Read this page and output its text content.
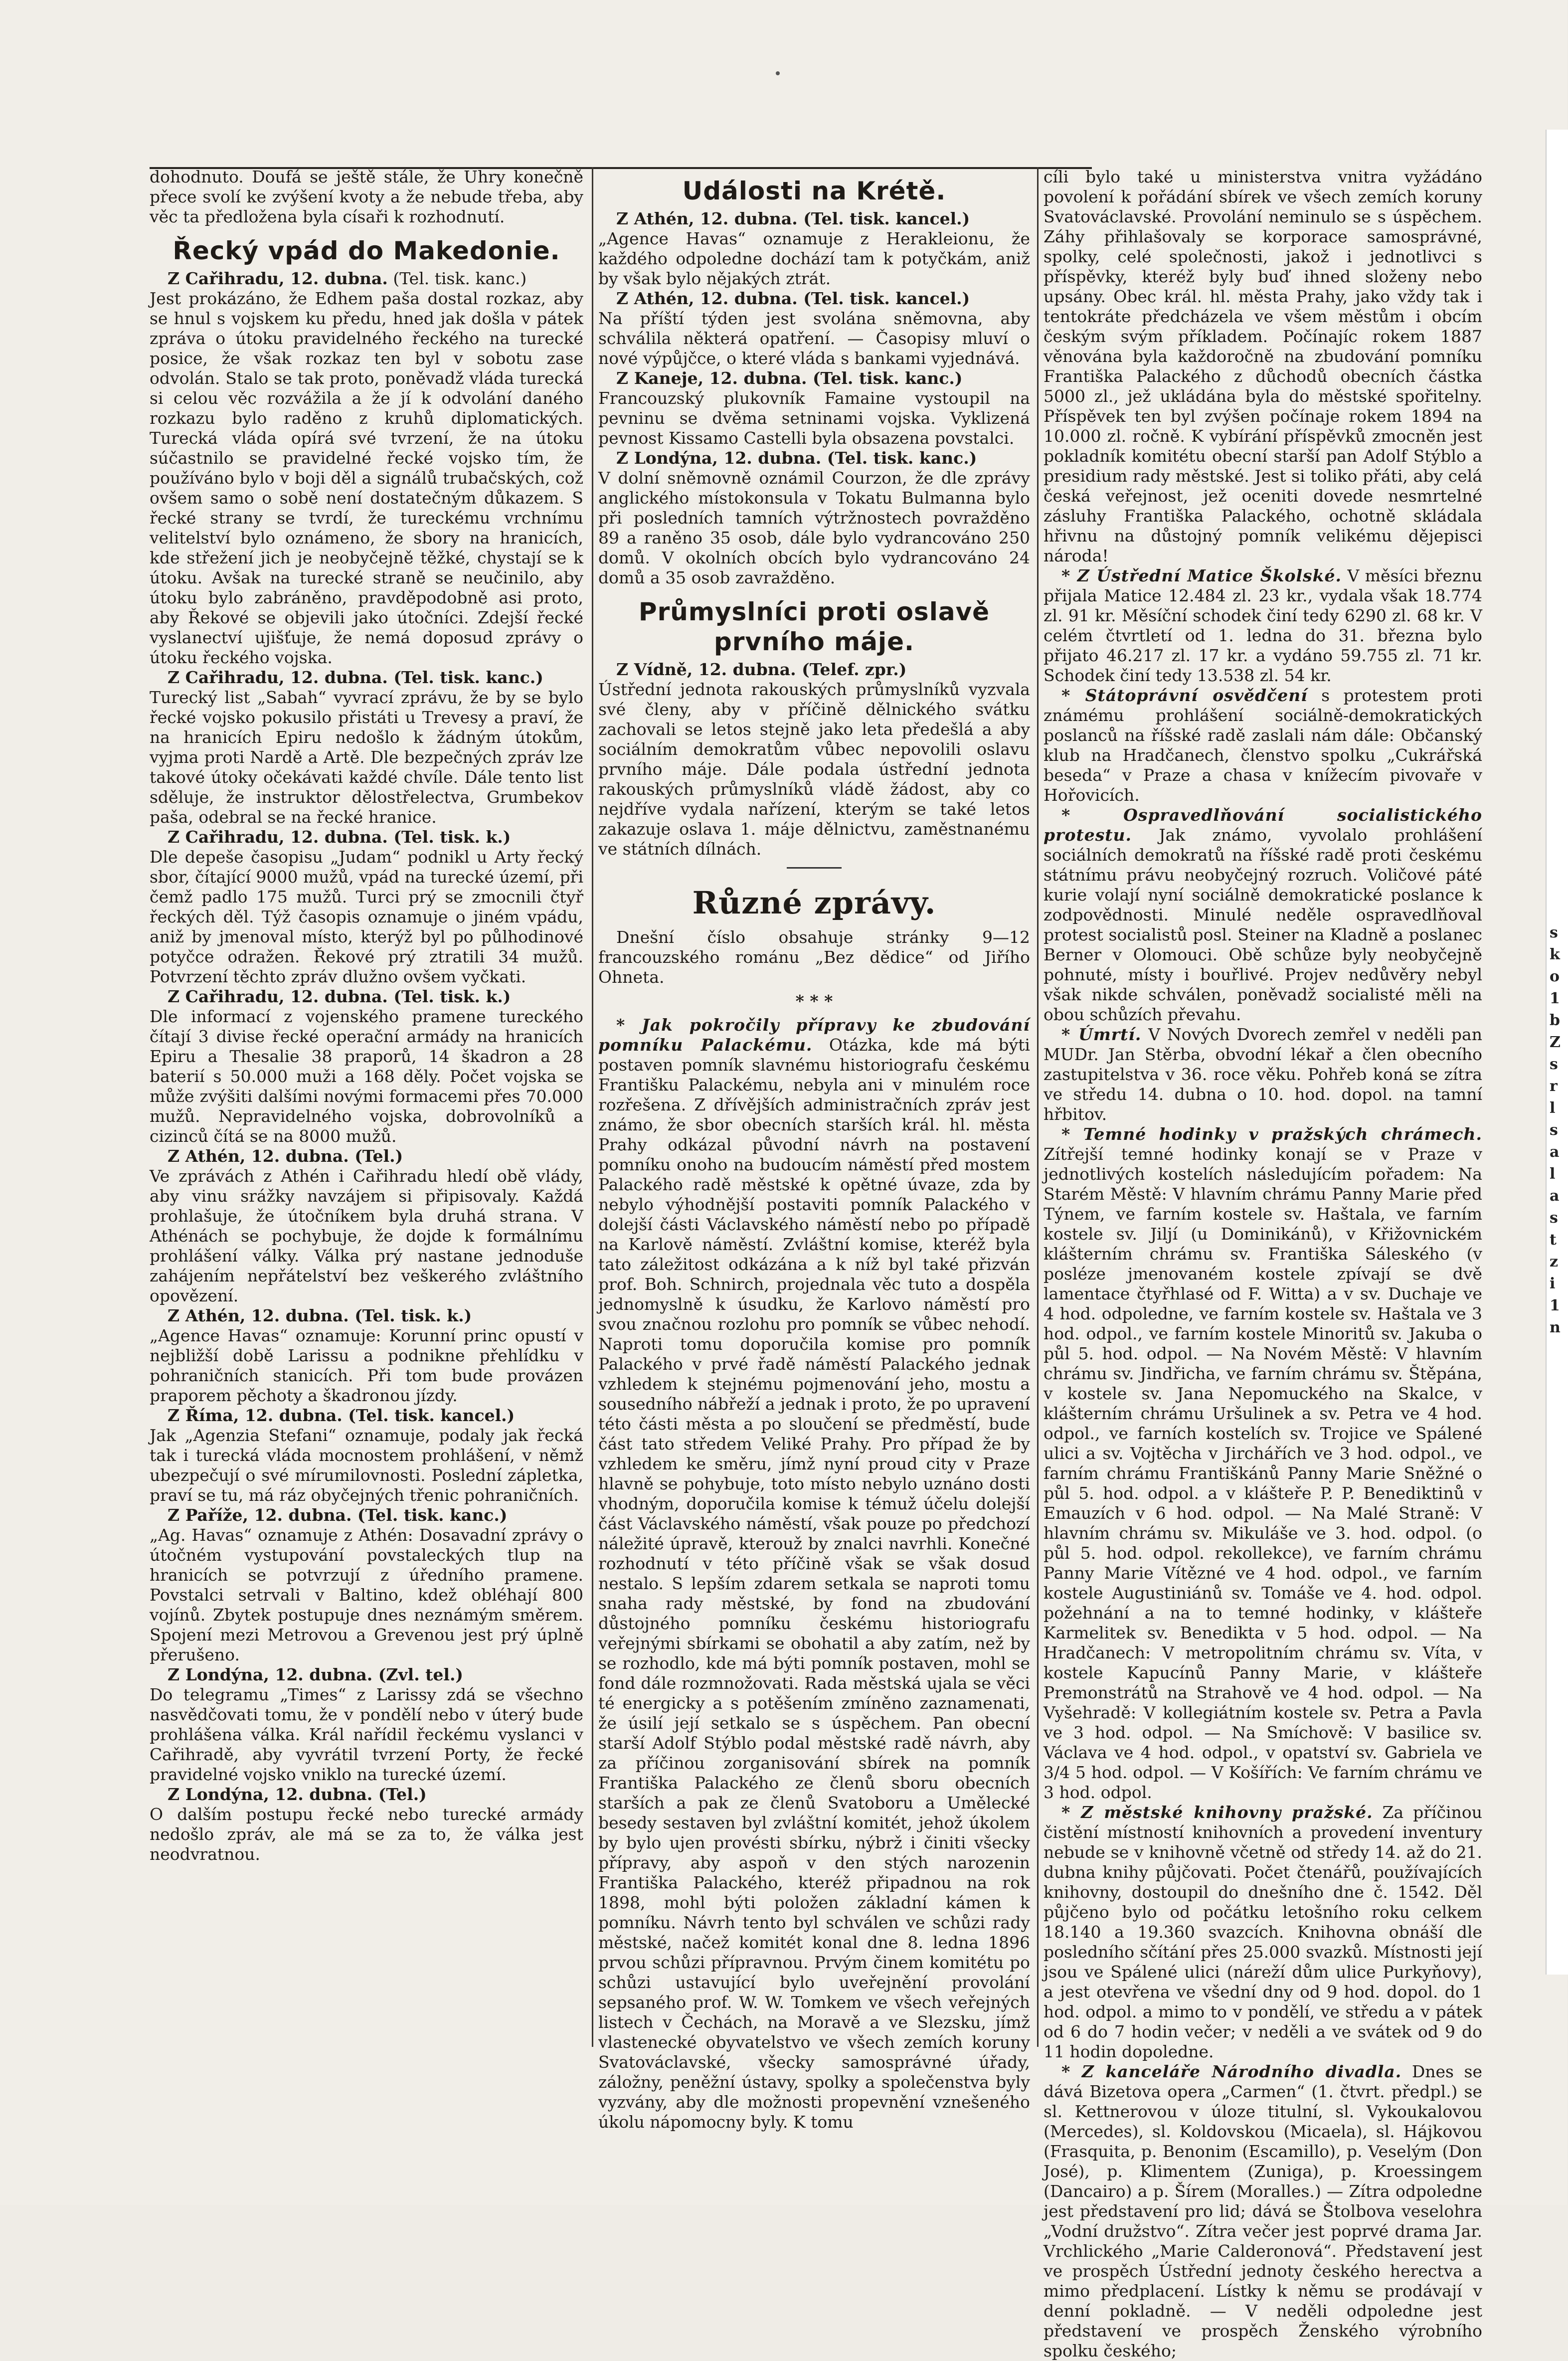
dohodnuto. Doufá se ještě stále, že Uhry konečně přece svolí ke zvýšení kvoty a že nebude třeba, aby věc ta předložena byla císaři k rozhodnutí.

Řecký vpád do Makedonie.

Z Cařihradu, 12. dubna. (Tel. tisk. kanc.)

Jest prokázáno, že Edhem paša dostal rozkaz, aby se hnul s vojskem ku předu, hned jak došla v pátek zpráva o útoku pravidelného řeckého na turecké posice, že však rozkaz ten byl v sobotu zase odvolán. Stalo se tak proto, poněvadž vláda turecká si celou věc rozvážila a že jí k odvolání daného rozkazu bylo raděno z kruhů diplomatických. Turecká vláda opírá své tvrzení, že na útoku súčastnilo se pravidelné řecké vojsko tím, že používáno bylo v boji děl a signálů trubačských, což ovšem samo o sobě není dostatečným důkazem. S řecké strany se tvrdí, že tureckému vrchnímu velitelství bylo oznámeno, že sbory na hranicích, kde střežení jich je neobyčejně těžké, chystají se k útoku. Avšak na turecké straně se neučinilo, aby útoku bylo zabráněno, pravděpodobně asi proto, aby Řekové se objevili jako útočníci. Zdejší řecké vyslanectví ujišťuje, že nemá doposud zprávy o útoku řeckého vojska.

Z Cařihradu, 12. dubna. (Tel. tisk. kanc.)

Turecký list „Sabah“ vyvrací zprávu, že by se bylo řecké vojsko pokusilo přistáti u Trevesy a praví, že na hranicích Epiru nedošlo k žádným útokům, vyjma proti Nardě a Artě. Dle bezpečných zpráv lze takové útoky očekávati každé chvíle. Dále tento list sděluje, že instruktor dělostřelectva, Grumbekov paša, odebral se na řecké hranice.

Z Cařihradu, 12. dubna. (Tel. tisk. k.)

Dle depeše časopisu „Judam“ podnikl u Arty řecký sbor, čítající 9000 mužů, vpád na turecké území, při čemž padlo 175 mužů. Turci prý se zmocnili čtyř řeckých děl. Týž časopis oznamuje o jiném vpádu, aniž by jmenoval místo, kterýž byl po půlhodinové potyčce odražen. Řekové prý ztratili 34 mužů. Potvrzení těchto zpráv dlužno ovšem vyčkati.

Z Cařihradu, 12. dubna. (Tel. tisk. k.)

Dle informací z vojenského pramene tureckého čítají 3 divise řecké operační armády na hranicích Epiru a Thesalie 38 praporů, 14 škadron a 28 baterií s 50.000 muži a 168 děly. Počet vojska se může zvýšiti dalšími novými formacemi přes 70.000 mužů. Nepravidelného vojska, dobrovolníků a cizinců čítá se na 8000 mužů.

Z Athén, 12. dubna. (Tel.)

Ve zprávách z Athén i Cařihradu hledí obě vlády, aby vinu srážky navzájem si připisovaly. Každá prohlašuje, že útočníkem byla druhá strana. V Athénách se pochybuje, že dojde k formálnímu prohlášení války. Válka prý nastane jednoduše zahájením nepřátelství bez veškerého zvláštního opovězení.

Z Athén, 12. dubna. (Tel. tisk. k.)

„Agence Havas“ oznamuje: Korunní princ opustí v nejbližší době Larissu a podnikne přehlídku v pohraničních stanicích. Při tom bude provázen praporem pěchoty a škadronou jízdy.

Z Říma, 12. dubna. (Tel. tisk. kancel.)

Jak „Agenzia Stefani“ oznamuje, podaly jak řecká tak i turecká vláda mocnostem prohlášení, v němž ubezpečují o své mírumilovnosti. Poslední zápletka, praví se tu, má ráz obyčejných třenic pohraničních.

Z Paříže, 12. dubna. (Tel. tisk. kanc.)

„Ag. Havas“ oznamuje z Athén: Dosavadní zprávy o útočném vystupování povstaleckých tlup na hranicích se potvrzují z úředního pramene. Povstalci setrvali v Baltino, kdež obléhají 800 vojínů. Zbytek postupuje dnes neznámým směrem. Spojení mezi Metrovou a Grevenou jest prý úplně přerušeno.

Z Londýna, 12. dubna. (Zvl. tel.)

Do telegramu „Times“ z Larissy zdá se všechno nasvědčovati tomu, že v pondělí nebo v úterý bude prohlášena válka. Král nařídil řeckému vyslanci v Cařihradě, aby vyvrátil tvrzení Porty, že řecké pravidelné vojsko vniklo na turecké území.

Z Londýna, 12. dubna. (Tel.)

O dalším postupu řecké nebo turecké armády nedošlo zpráv, ale má se za to, že válka jest neodvratnou.

Události na Krétě.

Z Athén, 12. dubna. (Tel. tisk. kancel.)

„Agence Havas“ oznamuje z Herakleionu, že každého odpoledne dochází tam k potyčkám, aniž by však bylo nějakých ztrát.

Z Athén, 12. dubna. (Tel. tisk. kancel.)

Na příští týden jest svolána sněmovna, aby schválila některá opatření. — Časopisy mluví o nové výpůjčce, o které vláda s bankami vyjednává.

Z Kaneje, 12. dubna. (Tel. tisk. kanc.)

Francouzský plukovník Famaine vystoupil na pevninu se dvěma setninami vojska. Vyklizená pevnost Kissamo Castelli byla obsazena povstalci.

Z Londýna, 12. dubna. (Tel. tisk. kanc.)

V dolní sněmovně oznámil Courzon, že dle zprávy anglického místokonsula v Tokatu Bulmanna bylo při posledních tamních výtržnostech povražděno 89 a raněno 35 osob, dále bylo vydrancováno 250 domů. V okolních obcích bylo vydrancováno 24 domů a 35 osob zavražděno.

Průmyslníci proti oslavě prvního máje.

Z Vídně, 12. dubna. (Telef. zpr.)

Ústřední jednota rakouských průmyslníků vyzvala své členy, aby v příčině dělnického svátku zachovali se letos stejně jako leta předešlá a aby sociálním demokratům vůbec nepovolili oslavu prvního máje. Dále podala ústřední jednota rakouských průmyslníků vládě žádost, aby co nejdříve vydala nařízení, kterým se také letos zakazuje oslava 1. máje dělnictvu, zaměstnanému ve státních dílnách.

Různé zprávy.

Dnešní číslo obsahuje stránky 9—12 francouzského románu „Bez dědice“ od Jiřího Ohneta.

* * *

* Jak pokročily přípravy ke zbudování pomníku Palackému. Otázka, kde má býti postaven pomník slavnému historiografu českému Františku Palackému, nebyla ani v minulém roce rozřešena. Z dřívějších administračních zpráv jest známo, že sbor obecních starších král. hl. města Prahy odkázal původní návrh na postavení pomníku onoho na budoucím náměstí před mostem Palackého radě městské k opětné úvaze, zda by nebylo výhodnější postaviti pomník Palackého v dolejší části Václavského náměstí nebo po případě na Karlově náměstí. Zvláštní komise, kteréž byla tato záležitost odkázána a k níž byl také přizván prof. Boh. Schnirch, projednala věc tuto a dospěla jednomyslně k úsudku, že Karlovo náměstí pro svou značnou rozlohu pro pomník se vůbec nehodí. Naproti tomu doporučila komise pro pomník Palackého v prvé řadě náměstí Palackého jednak vzhledem k stejnému pojmenování jeho, mostu a sousedního nábřeží a jednak i proto, že po upravení této části města a po sloučení se předměstí, bude část tato středem Veliké Prahy. Pro případ že by vzhledem ke směru, jímž nyní proud city v Praze hlavně se pohybuje, toto místo nebylo uznáno dosti vhodným, doporučila komise k témuž účelu dolejší část Václavského náměstí, však pouze po předchozí náležité úpravě, kterouž by znalci navrhli. Konečné rozhodnutí v této příčině však se však dosud nestalo. S lepším zdarem setkala se naproti tomu snaha rady městské, by fond na zbudování důstojného pomníku českému historiografu veřejnými sbírkami se obohatil a aby zatím, než by se rozhodlo, kde má býti pomník postaven, mohl se fond dále rozmnožovati. Rada městská ujala se věci té energicky a s potěšením zmíněno zaznamenati, že úsilí její setkalo se s úspěchem. Pan obecní starší Adolf Stýblo podal městské radě návrh, aby za příčinou zorganisování sbírek na pomník Františka Palackého ze členů sboru obecních starších a pak ze členů Svatoboru a Umělecké besedy sestaven byl zvláštní komitét, jehož úkolem by bylo ujen provésti sbírku, nýbrž i činiti všecky přípravy, aby aspoň v den stých narozenin Františka Palackého, kteréž připadnou na rok 1898, mohl býti položen základní kámen k pomníku. Návrh tento byl schválen ve schůzi rady městské, načež komitét konal dne 8. ledna 1896 prvou schůzi přípravnou. Prvým činem komitétu po schůzi ustavující bylo uveřejnění provolání sepsaného prof. W. W. Tomkem ve všech veřejných listech v Čechách, na Moravě a ve Slezsku, jímž vlastenecké obyvatelstvo ve všech zemích koruny Svatováclavské, všecky samosprávné úřady, záložny, peněžní ústavy, spolky a společenstva byly vyzvány, aby dle možnosti propevnění vznešeného úkolu nápomocny byly. K tomu

cíli bylo také u ministerstva vnitra vyžádáno povolení k pořádání sbírek ve všech zemích koruny Svatováclavské. Provolání neminulo se s úspěchem. Záhy přihlašovaly se korporace samosprávné, spolky, celé společnosti, jakož i jednotlivci s příspěvky, kteréž byly buď ihned složeny nebo upsány. Obec král. hl. města Prahy, jako vždy tak i tentokráte předcházela ve všem městům i obcím českým svým příkladem. Počínajíc rokem 1887 věnována byla každoročně na zbudování pomníku Františka Palackého z důchodů obecních částka 5000 zl., jež ukládána byla do městské spořitelny. Příspěvek ten byl zvýšen počínaje rokem 1894 na 10.000 zl. ročně. K vybírání příspěvků zmocněn jest pokladník komitétu obecní starší pan Adolf Stýblo a presidium rady městské. Jest si toliko přáti, aby celá česká veřejnost, jež oceniti dovede nesmrtelné zásluhy Františka Palackého, ochotně skládala hřivnu na důstojný pomník velikému dějepisci národa!

* Z Ústřední Matice Školské. V měsíci březnu přijala Matice 12.484 zl. 23 kr., vydala však 18.774 zl. 91 kr. Měsíční schodek činí tedy 6290 zl. 68 kr. V celém čtvrtletí od 1. ledna do 31. března bylo přijato 46.217 zl. 17 kr. a vydáno 59.755 zl. 71 kr. Schodek činí tedy 13.538 zl. 54 kr.

* Státoprávní osvědčení s protestem proti známému prohlášení sociálně-demokratických poslanců na říšské radě zaslali nám dále: Občanský klub na Hradčanech, členstvo spolku „Cukrářská beseda“ v Praze a chasa v knížecím pivovaře v Hořovicích.

* Ospravedlňování socialistického protestu. Jak známo, vyvolalo prohlášení sociálních demokratů na říšské radě proti českému státnímu právu neobyčejný rozruch. Voličové páté kurie volají nyní sociálně demokratické poslance k zodpovědnosti. Minulé neděle ospravedlňoval protest socialistů posl. Steiner na Kladně a poslanec Berner v Olomouci. Obě schůze byly neobyčejně pohnuté, místy i bouřlivé. Projev nedůvěry nebyl však nikde schválen, poněvadž socialisté měli na obou schůzích převahu.

* Úmrtí. V Nových Dvorech zemřel v neděli pan MUDr. Jan Stěrba, obvodní lékař a člen obecního zastupitelstva v 36. roce věku. Pohřeb koná se zítra ve středu 14. dubna o 10. hod. dopol. na tamní hřbitov.

* Temné hodinky v pražských chrámech. Zítřejší temné hodinky konají se v Praze v jednotlivých kostelích následujícím pořadem: Na Starém Městě: V hlavním chrámu Panny Marie před Týnem, ve farním kostele sv. Haštala, ve farním kostele sv. Jiljí (u Dominikánů), v Křižovnickém klášterním chrámu sv. Františka Sáleského (v posléze jmenovaném kostele zpívají se dvě lamentace čtyřhlasé od F. Witta) a v sv. Duchaje ve 4 hod. odpoledne, ve farním kostele sv. Haštala ve 3 hod. odpol., ve farním kostele Minoritů sv. Jakuba o půl 5. hod. odpol. — Na Novém Městě: V hlavním chrámu sv. Jindřicha, ve farním chrámu sv. Štěpána, v kostele sv. Jana Nepomuckého na Skalce, v klášterním chrámu Uršulinek a sv. Petra ve 4 hod. odpol., ve farních kostelích sv. Trojice ve Spálené ulici a sv. Vojtěcha v Jirchářích ve 3 hod. odpol., ve farním chrámu Františkánů Panny Marie Sněžné o půl 5. hod. odpol. a v klášteře P. P. Benediktinů v Emauzích v 6 hod. odpol. — Na Malé Straně: V hlavním chrámu sv. Mikuláše ve 3. hod. odpol. (o půl 5. hod. odpol. rekollekce), ve farním chrámu Panny Marie Vítězné ve 4 hod. odpol., ve farním kostele Augustiniánů sv. Tomáše ve 4. hod. odpol. požehnání a na to temné hodinky, v klášteře Karmelitek sv. Benedikta v 5 hod. odpol. — Na Hradčanech: V metropolitním chrámu sv. Víta, v kostele Kapucínů Panny Marie, v klášteře Premonstrátů na Strahově ve 4 hod. odpol. — Na Vyšehradě: V kollegiátním kostele sv. Petra a Pavla ve 3 hod. odpol. — Na Smíchově: V basilice sv. Václava ve 4 hod. odpol., v opatství sv. Gabriela ve 3/4 5 hod. odpol. — V Košířích: Ve farním chrámu ve 3 hod. odpol.

* Z městské knihovny pražské. Za příčinou čistění místností knihovních a provedení inventury nebude se v knihovně včetně od středy 14. až do 21. dubna knihy půjčovati. Počet čtenářů, používajících knihovny, dostoupil do dnešního dne č. 1542. Děl půjčeno bylo od počátku letošního roku celkem 18.140 a 19.360 svazcích. Knihovna obnáší dle posledního sčítání přes 25.000 svazků. Místnosti její jsou ve Spálené ulici (náreží dům ulice Purkyňovy), a jest otevřena ve všední dny od 9 hod. dopol. do 1 hod. odpol. a mimo to v pondělí, ve středu a v pátek od 6 do 7 hodin večer; v neděli a ve svátek od 9 do 11 hodin dopoledne.

* Z kanceláře Národního divadla. Dnes se dává Bizetova opera „Carmen“ (1. čtvrt. předpl.) se sl. Kettnerovou v úloze titulní, sl. Vykoukalovou (Mercedes), sl. Koldovskou (Micaela), sl. Hájkovou (Frasquita, p. Benonim (Escamillo), p. Veselým (Don José), p. Klimentem (Zuniga), p. Kroessingem (Dancairo) a p. Šírem (Moralles.) — Zítra odpoledne jest představení pro lid; dává se Štolbova veselohra „Vodní družstvo“. Zítra večer jest poprvé drama Jar. Vrchlického „Marie Calderonová“. Představení jest ve prospěch Ústřední jednoty českého herectva a mimo předplacení. Lístky k němu se prodávají v denní pokladně. — V neděli odpoledne jest představení ve prospěch Ženského výrobního spolku českého;

s
k
o
1
b
Z
s
r
l
s
a
l
a
s
t
z
i
1
n
